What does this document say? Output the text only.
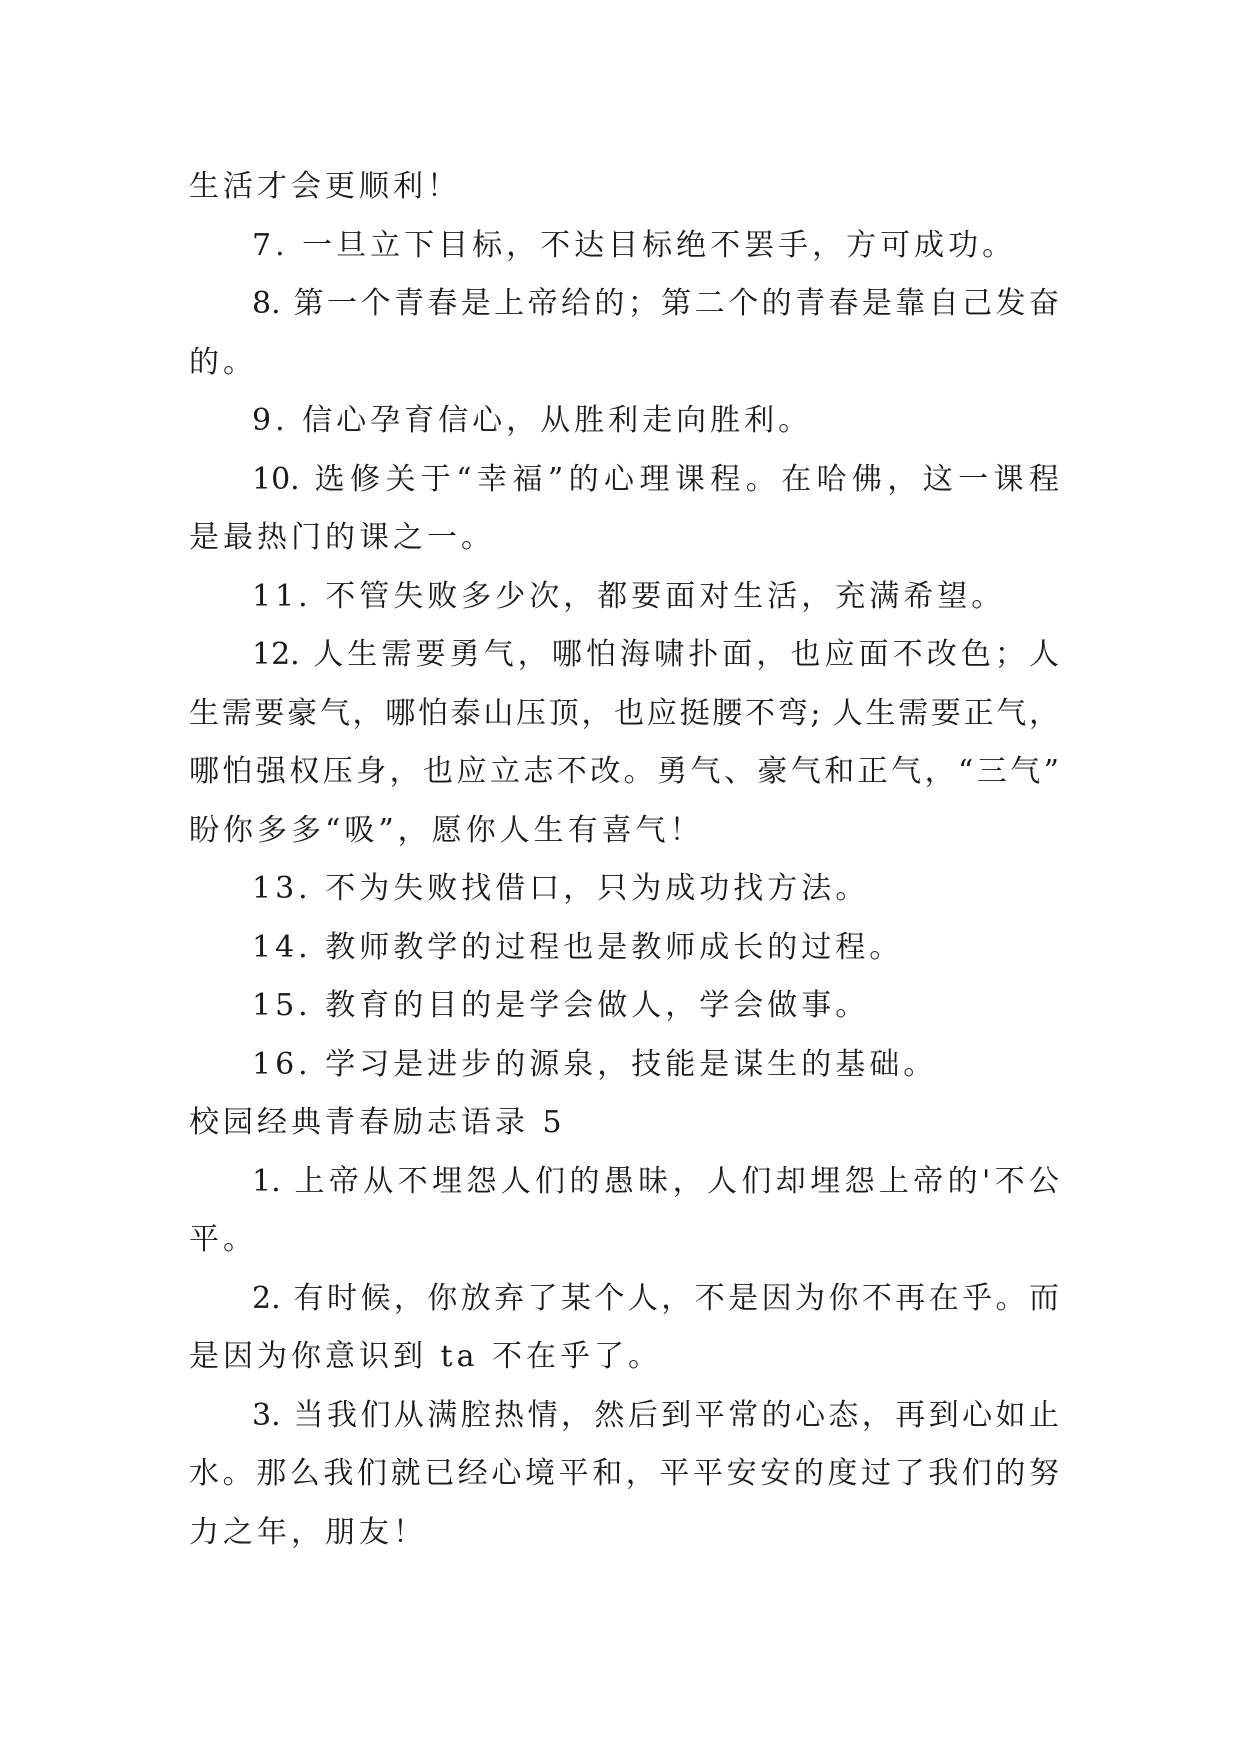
生活才会更顺利！

7. 一旦立下目标，不达目标绝不罢手，方可成功。

8. 第一个青春是上帝给的；第二个的青春是靠自己发奋

的。

9. 信心孕育信心，从胜利走向胜利。

10. 选修关于“幸福”的心理课程。在哈佛，这一课程

是最热门的课之一。

11. 不管失败多少次，都要面对生活，充满希望。

12. 人生需要勇气，哪怕海啸扑面，也应面不改色；人

生需要豪气，哪怕泰山压顶，也应挺腰不弯; 人生需要正气，

哪怕强权压身，也应立志不改。勇气、豪气和正气，“三气”

盼你多多“吸”，愿你人生有喜气！

13. 不为失败找借口，只为成功找方法。

14. 教师教学的过程也是教师成长的过程。

15. 教育的目的是学会做人，学会做事。

16. 学习是进步的源泉，技能是谋生的基础。

校园经典青春励志语录 5

1. 上帝从不埋怨人们的愚昧，人们却埋怨上帝的'不公

平。

2. 有时候，你放弃了某个人，不是因为你不再在乎。而

是因为你意识到 ta 不在乎了。

3. 当我们从满腔热情，然后到平常的心态，再到心如止

水。那么我们就已经心境平和，平平安安的度过了我们的努

力之年，朋友！
